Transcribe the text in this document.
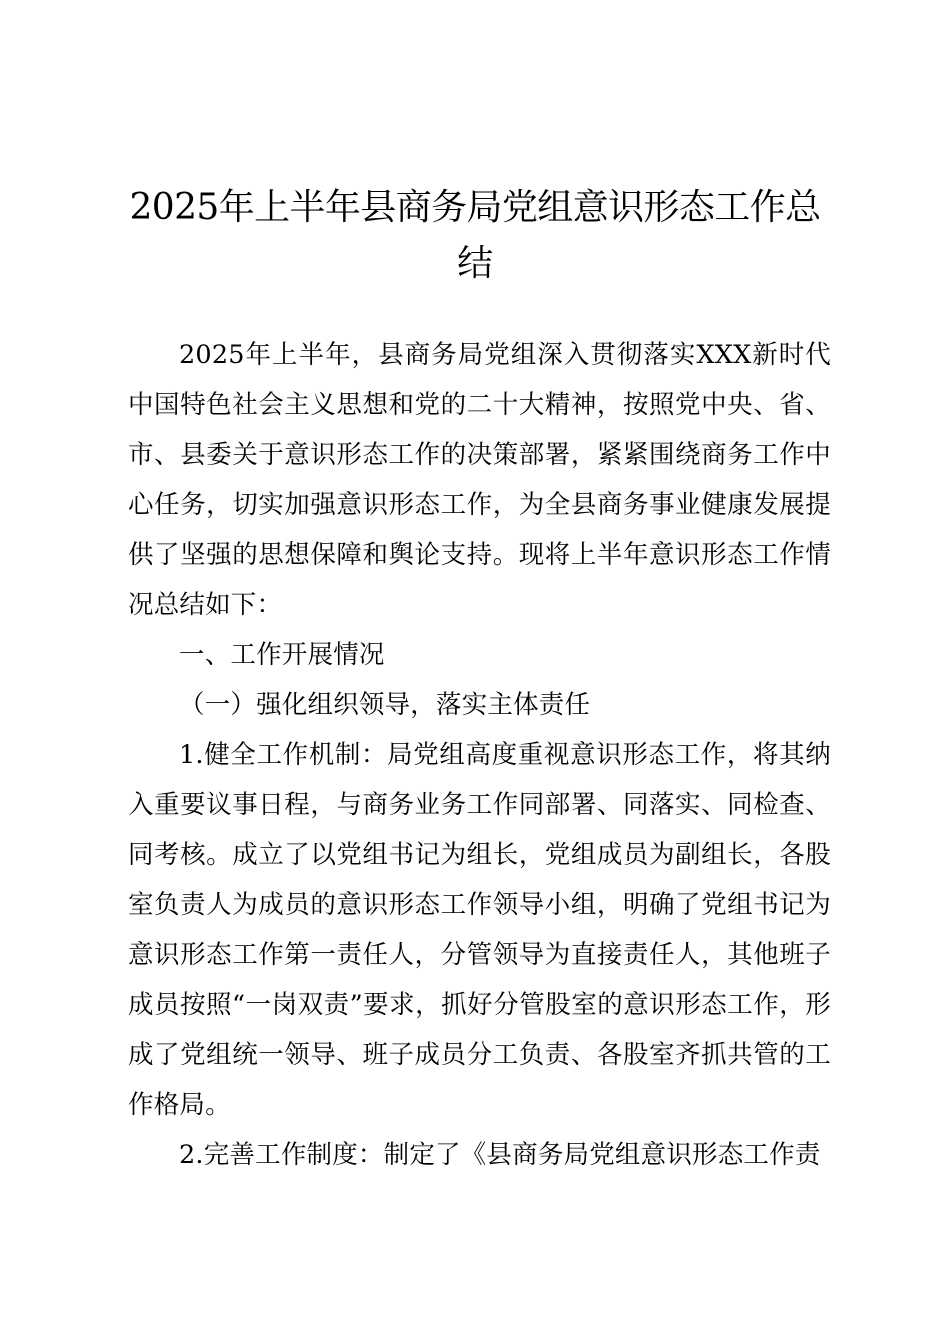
2025年上半年县商务局党组意识形态工作总结

2025年上半年，县商务局党组深入贯彻落实XXX新时代中国特色社会主义思想和党的二十大精神，按照党中央、省、市、县委关于意识形态工作的决策部署，紧紧围绕商务工作中心任务，切实加强意识形态工作，为全县商务事业健康发展提供了坚强的思想保障和舆论支持。现将上半年意识形态工作情况总结如下：

一、工作开展情况

（一）强化组织领导，落实主体责任

1.健全工作机制：局党组高度重视意识形态工作，将其纳入重要议事日程，与商务业务工作同部署、同落实、同检查、同考核。成立了以党组书记为组长，党组成员为副组长，各股室负责人为成员的意识形态工作领导小组，明确了党组书记为意识形态工作第一责任人，分管领导为直接责任人，其他班子成员按照“一岗双责”要求，抓好分管股室的意识形态工作，形成了党组统一领导、班子成员分工负责、各股室齐抓共管的工作格局。

2.完善工作制度：制定了《县商务局党组意识形态工作责
